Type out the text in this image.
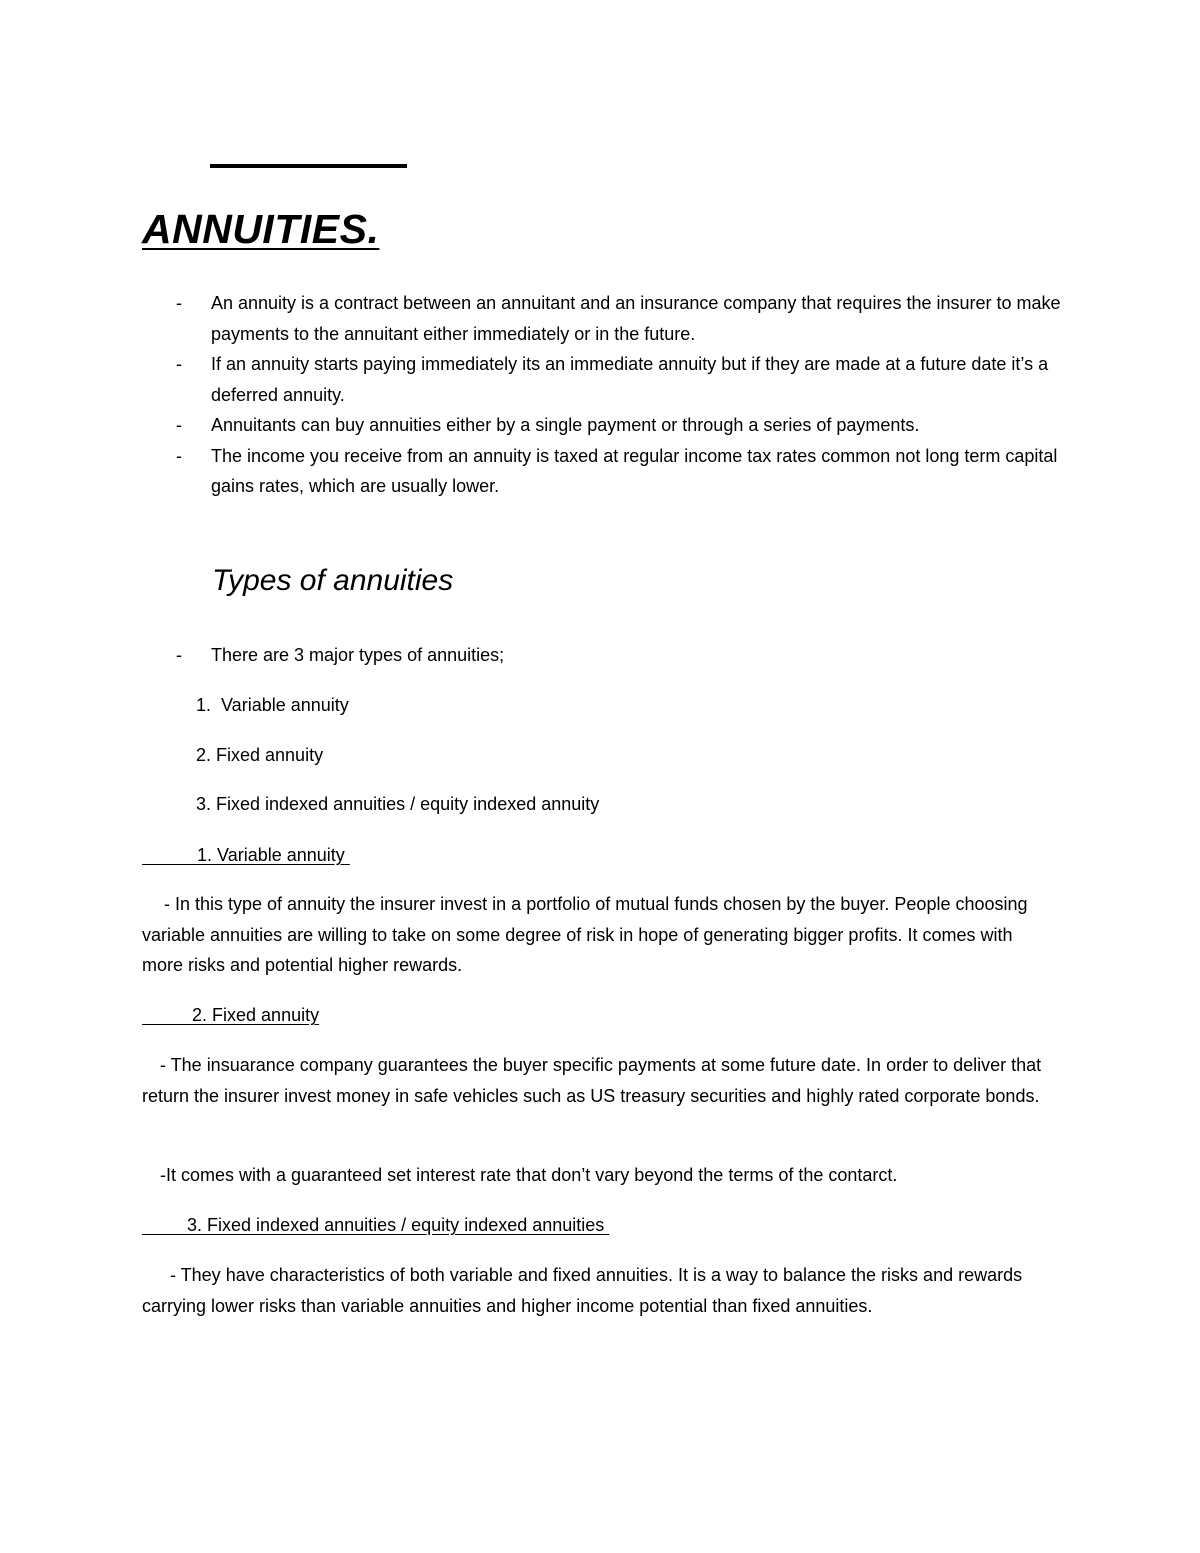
ANNUITIES.
- An annuity is a contract between an annuitant and an insurance company that requires the insurer to make payments to the annuitant either immediately or in the future.
- If an annuity starts paying immediately its an immediate annuity but if they are made at a future date it’s a deferred annuity.
- Annuitants can buy annuities either by a single payment or through a series of payments.
- The income you receive from an annuity is taxed at regular income tax rates common not long term capital gains rates, which are usually lower.
Types of annuities
- There are 3 major types of annuities;
1.  Variable annuity
2. Fixed annuity
3. Fixed indexed annuities / equity indexed annuity
1. Variable annuity

- In this type of annuity the insurer invest in a portfolio of mutual funds chosen by the buyer. People choosing variable annuities are willing to take on some degree of risk in hope of generating bigger profits. It comes with more risks and potential higher rewards.

2. Fixed annuity

- The insuarance company guarantees the buyer specific payments at some future date. In order to deliver that return the insurer invest money in safe vehicles such as US treasury securities and highly rated corporate bonds.

-It comes with a guaranteed set interest rate that don’t vary beyond the terms of the contarct.

3. Fixed indexed annuities / equity indexed annuities

- They have characteristics of both variable and fixed annuities. It is a way to balance the risks and rewards carrying lower risks than variable annuities and higher income potential than fixed annuities.
